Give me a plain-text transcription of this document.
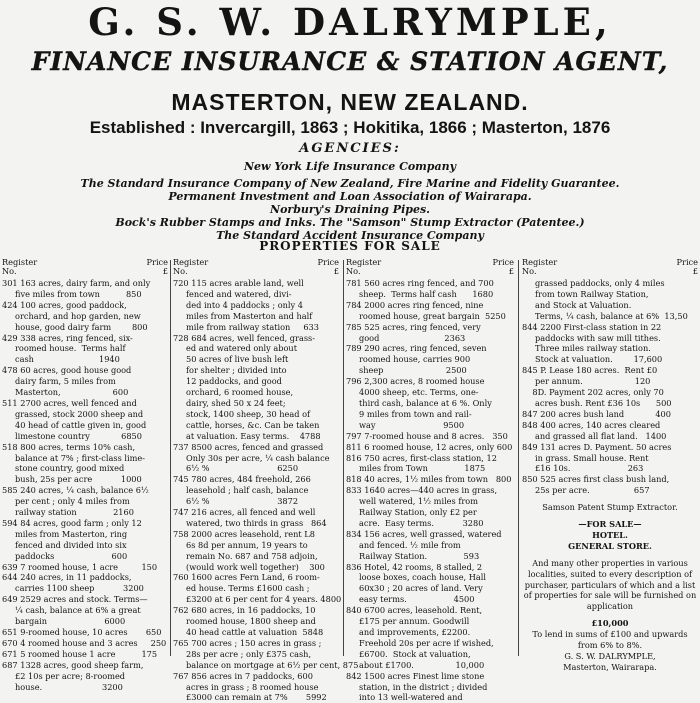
G. S. W. DALRYMPLE,
FINANCE INSURANCE & STATION AGENT,
MASTERTON, NEW ZEALAND.
Established : Invercargill, 1863 ; Hokitika, 1866 ; Masterton, 1876
AGENCIES:
New York Life Insurance Company
The Standard Insurance Company of New Zealand, Fire Marine and Fidelity Guarantee.
Permanent Investment and Loan Association of Wairarapa.
Norbury's Draining Pipes.
Bock's Rubber Stamps and Inks. The "Samson" Stump Extractor (Patentee.)
The Standard Accident Insurance Company
PROPERTIES FOR SALE
Register
No.
Price
£
301 163 acres, dairy farm, and only
five miles from town          850
424 100 acres, good paddock,
orchard, and hop garden, new
house, good dairy farm        800
429 338 acres, ring fenced, six-
roomed house.  Terms half
cash                         1940
478 60 acres, good house good
dairy farm, 5 miles from
Masterton,                    600
511 2700 acres, well fenced and
grassed, stock 2000 sheep and
40 head of cattle given in, good
limestone country            6850
518 800 acres, terms 10% cash,
balance at 7% ; first-class lime-
stone country, good mixed
bush, 25s per acre           1000
585 240 acres, ¼ cash, balance 6½
per cent ; only 4 miles from
railway station              2160
594 84 acres, good farm ; only 12
miles from Masterton, ring
fenced and divided into six
paddocks                      600
639 7 roomed house, 1 acre         150
644 240 acres, in 11 paddocks,
carries 1100 sheep           3200
649 2529 acres and stock. Terms—
¼ cash, balance at 6% a great
bargain                      6000
651 9-roomed house, 10 acres       650
670 4 roomed house and 3 acres     250
671 5 roomed house 1 acre          175
687 1328 acres, good sheep farm,
£2 10s per acre; 8-roomed
house.                       3200
Register
No.
Price
£
720 115 acres arable land, well
fenced and watered, divi-
ded into 4 paddocks ; only 4
miles from Masterton and half
mile from railway station     633
728 684 acres, well fenced, grass-
ed and watered only about
50 acres of live bush left
for shelter ; divided into
12 paddocks, and good
orchard, 6 roomed house,
dairy, shed 50 x 24 feet;
stock, 1400 sheep, 30 head of
cattle, horses, &c. Can be taken
at valuation. Easy terms.    4788
737 8500 acres, fenced and grassed
Only 30s per acre, ¼ cash balance
6½ %                          6250
745 780 acres, 484 freehold, 266
leasehold ; half cash, balance
6½ %                          3872
747 216 acres, all fenced and well
watered, two thirds in grass   864
758 2000 acres leasehold, rent L8
6s 8d per annum, 19 years to
remain No. 687 and 758 adjoin,
(would work well together)    300
760 1600 acres Fern Land, 6 room-
ed house. Terms £1600 cash ;
£3200 at 6 per cent for 4 years. 4800
762 680 acres, in 16 paddocks, 10
roomed house, 1800 sheep and
40 head cattle at valuation  5848
765 700 acres ; 150 acres in grass ;
28s per acre ; only £375 cash,
balance on mortgage at 6½ per cent, 875
767 856 acres in 7 paddocks, 600
acres in grass ; 8 roomed house
£3000 can remain at 7%       5992
Register
No.
Price
£
781 560 acres ring fenced, and 700
sheep.  Terms half cash      1680
784 2000 acres ring fenced, nine
roomed house, great bargain  5250
785 525 acres, ring fenced, very
good                         2363
789 290 acres, ring fenced, seven
roomed house, carries 900
sheep                        2500
796 2,300 acres, 8 roomed house
4000 sheep, etc. Terms, one-
third cash, balance at 6 %. Only
9 miles from town and rail-
way                          9500
797 7-roomed house and 8 acres.   350
811 6 roomed house, 12 acres, only 600
816 750 acres, first-class station, 12
miles from Town              1875
818 40 acres, 1½ miles from town   800
833 1640 acres—440 acres in grass,
well watered, 1½ miles from
Railway Station, only £2 per
acre.  Easy terms.           3280
834 156 acres, well grassed, watered
and fenced. ½ mile from
Railway Station.              593
836 Hotel, 42 rooms, 8 stalled, 2
loose boxes, coach house, Hall
60x30 ; 20 acres of land. Very
easy terms.                  4500
840 6700 acres, leasehold. Rent,
£175 per annum. Goodwill
and improvements, £2200.
Freehold 20s per acre if wished,
£6700.  Stock at valuation,
about £1700.                10,000
842 1500 acres Finest lime stone
station, in the district ; divided
into 13 well-watered and
Register
No.
Price
£
grassed paddocks, only 4 miles
from town Railway Station,
and Stock at Valuation.
Terms, ¼ cash, balance at 6%  13,50
844 2200 First-class station in 22
paddocks with saw mill tithes.
Three miles railway station.
Stock at valuation.        17,600
845 P. Lease 180 acres.  Rent £0
per annum.                    120
8D. Payment 202 acres, only 70
acres bush. Rent £36 10s      500
847 200 acres bush land            400
848 400 acres, 140 acres cleared
and grassed all flat land.   1400
849 131 acres D. Payment. 50 acres
in grass. Small house. Rent
£16 10s.                      263
850 525 acres first class bush land,
25s per acre.                 657
Samson Patent Stump Extractor.
—FOR SALE—
HOTEL.
GENERAL STORE.
And many other properties in various
localities, suited to every description of
purchaser, particulars of which and a list
of properties for sale will be furnished on
application
£10,000
To lend in sums of £100 and upwards
from 6% to 8%.
G. S. W. DALRYMPLE,
Masterton, Wairarapa.
